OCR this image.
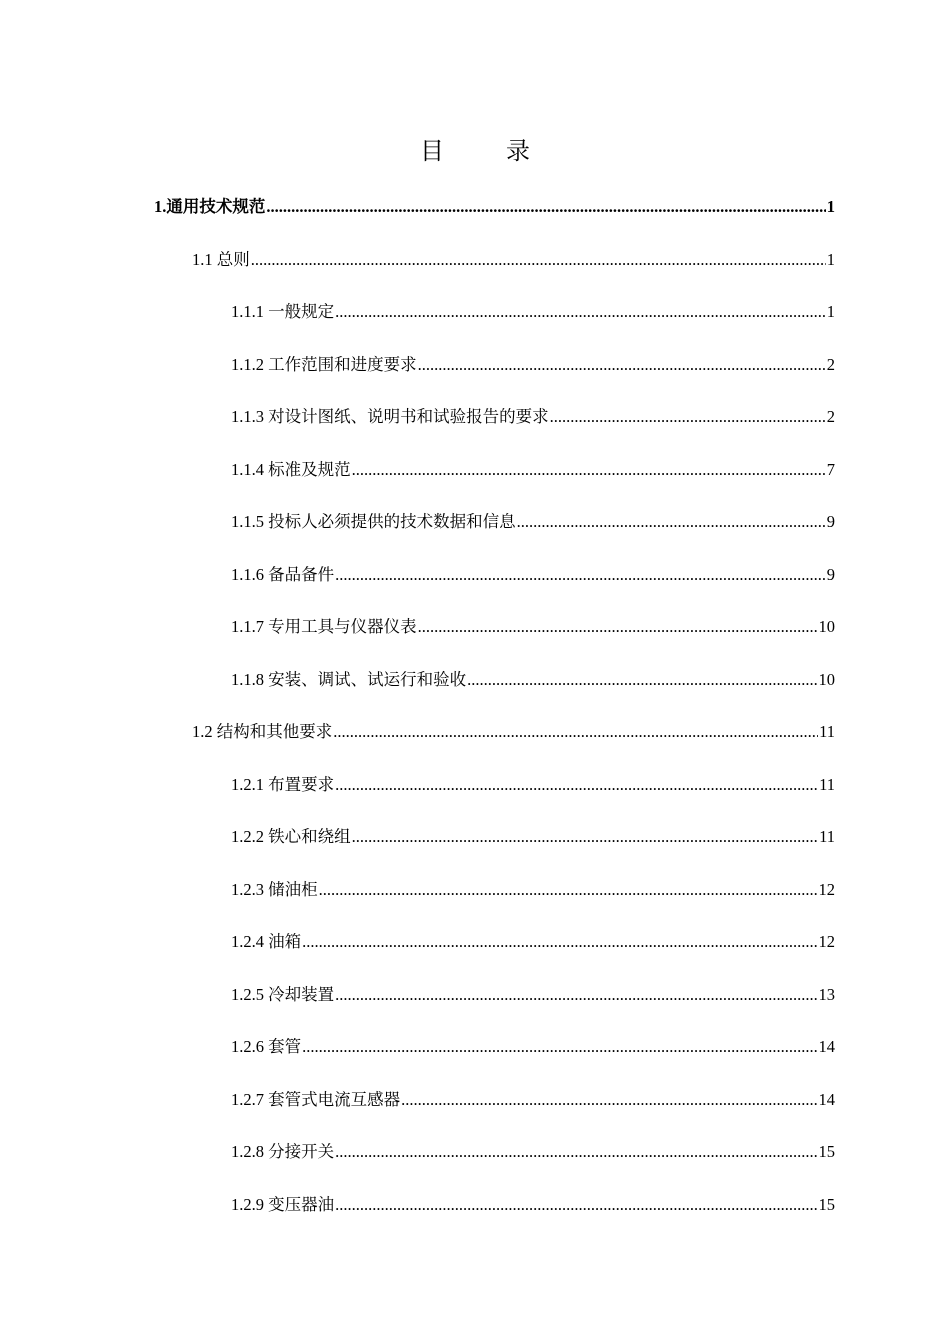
目	录
1.通用技术规范 .....	1
1.1 总则 .....	1
1.1.1 一般规定 .....	1
1.1.2 工作范围和进度要求 .....	2
1.1.3 对设计图纸、说明书和试验报告的要求 .....	2
1.1.4 标准及规范 .....	7
1.1.5 投标人必须提供的技术数据和信息 .....	9
1.1.6 备品备件 .....	9
1.1.7 专用工具与仪器仪表 .....	10
1.1.8 安装、调试、试运行和验收 .....	10
1.2 结构和其他要求 .....	11
1.2.1 布置要求 .....	11
1.2.2 铁心和绕组 .....	11
1.2.3 储油柜 .....	12
1.2.4 油箱 .....	12
1.2.5 冷却装置 .....	13
1.2.6 套管 .....	14
1.2.7 套管式电流互感器 .....	14
1.2.8 分接开关 .....	15
1.2.9 变压器油 .....	15
